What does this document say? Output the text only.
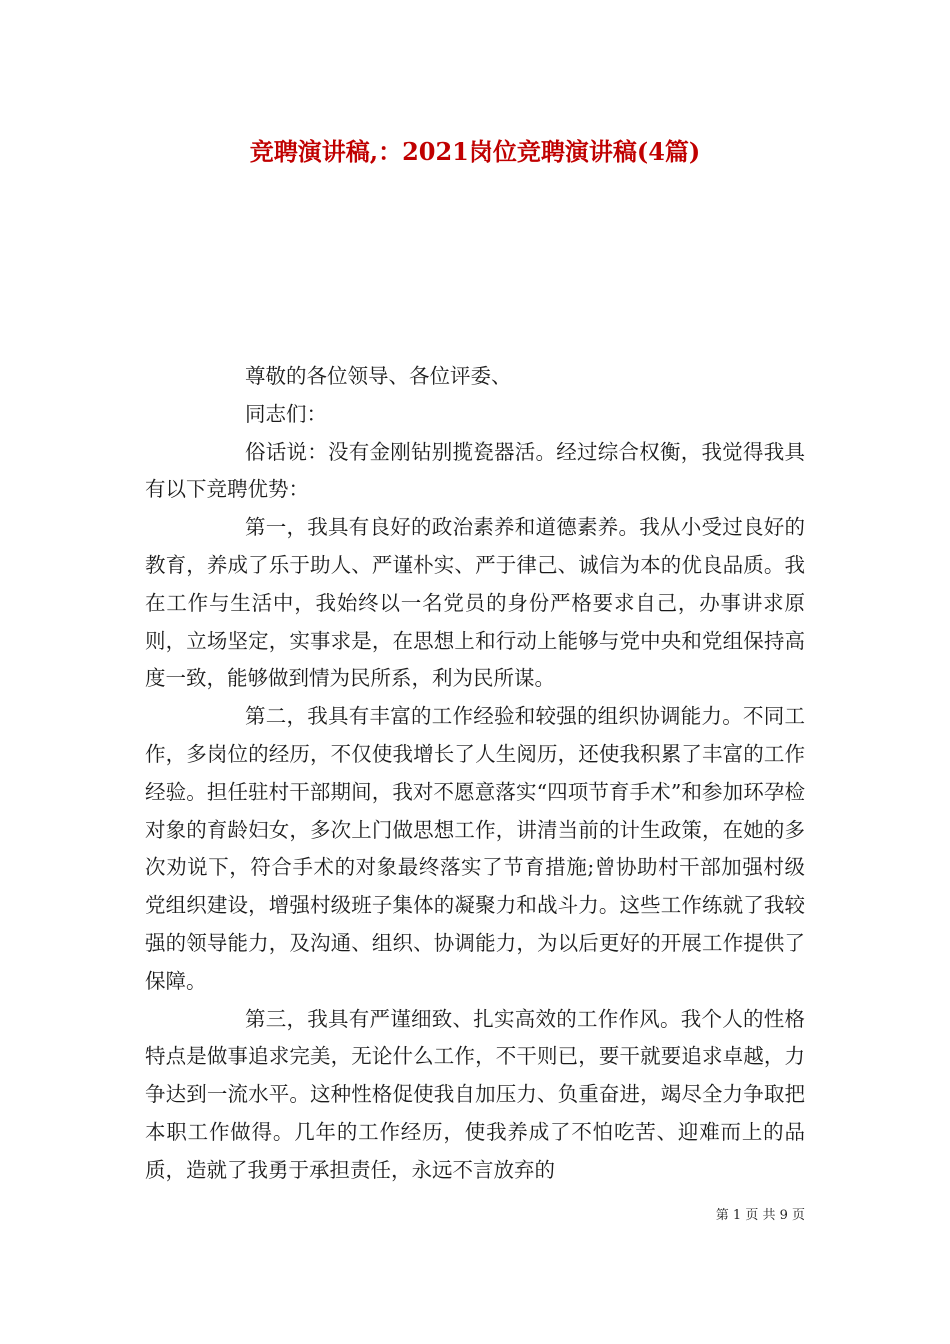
竞聘演讲稿,：2021岗位竞聘演讲稿(4篇)

尊敬的各位领导、各位评委、

同志们：

俗话说：没有金刚钻别揽瓷器活。经过综合权衡，我觉得我具有以下竞聘优势：

第一，我具有良好的政治素养和道德素养。我从小受过良好的教育，养成了乐于助人、严谨朴实、严于律己、诚信为本的优良品质。我在工作与生活中，我始终以一名党员的身份严格要求自己，办事讲求原则，立场坚定，实事求是，在思想上和行动上能够与党中央和党组保持高度一致，能够做到情为民所系，利为民所谋。

第二，我具有丰富的工作经验和较强的组织协调能力。不同工作，多岗位的经历，不仅使我增长了人生阅历，还使我积累了丰富的工作经验。担任驻村干部期间，我对不愿意落实“四项节育手术”和参加环孕检对象的育龄妇女，多次上门做思想工作，讲清当前的计生政策，在她的多次劝说下，符合手术的对象最终落实了节育措施;曾协助村干部加强村级党组织建设，增强村级班子集体的凝聚力和战斗力。这些工作练就了我较强的领导能力，及沟通、组织、协调能力，为以后更好的开展工作提供了保障。

第三，我具有严谨细致、扎实高效的工作作风。我个人的性格特点是做事追求完美，无论什么工作，不干则已，要干就要追求卓越，力争达到一流水平。这种性格促使我自加压力、负重奋进，竭尽全力争取把本职工作做得。几年的工作经历，使我养成了不怕吃苦、迎难而上的品质，造就了我勇于承担责任，永远不言放弃的

第 1 页 共 9 页
